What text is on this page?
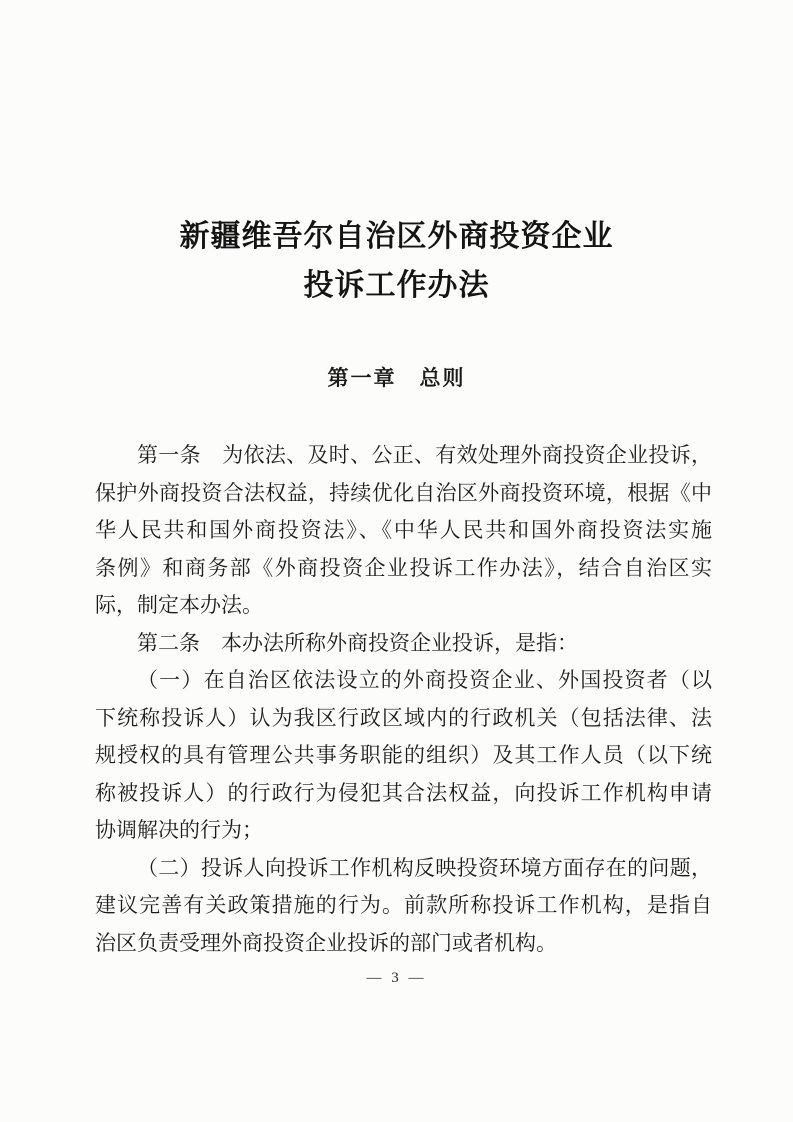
新疆维吾尔自治区外商投资企业
投诉工作办法
第一章　总则
第一条　为依法、及时、公正、有效处理外商投资企业投诉，
保护外商投资合法权益，持续优化自治区外商投资环境，根据《中
华人民共和国外商投资法》、《中华人民共和国外商投资法实施
条例》和商务部《外商投资企业投诉工作办法》，结合自治区实
际，制定本办法。
第二条　本办法所称外商投资企业投诉，是指：
（一）在自治区依法设立的外商投资企业、外国投资者（以
下统称投诉人）认为我区行政区域内的行政机关（包括法律、法
规授权的具有管理公共事务职能的组织）及其工作人员（以下统
称被投诉人）的行政行为侵犯其合法权益，向投诉工作机构申请
协调解决的行为；
（二）投诉人向投诉工作机构反映投资环境方面存在的问题，
建议完善有关政策措施的行为。前款所称投诉工作机构，是指自
治区负责受理外商投资企业投诉的部门或者机构。
— 3 —
